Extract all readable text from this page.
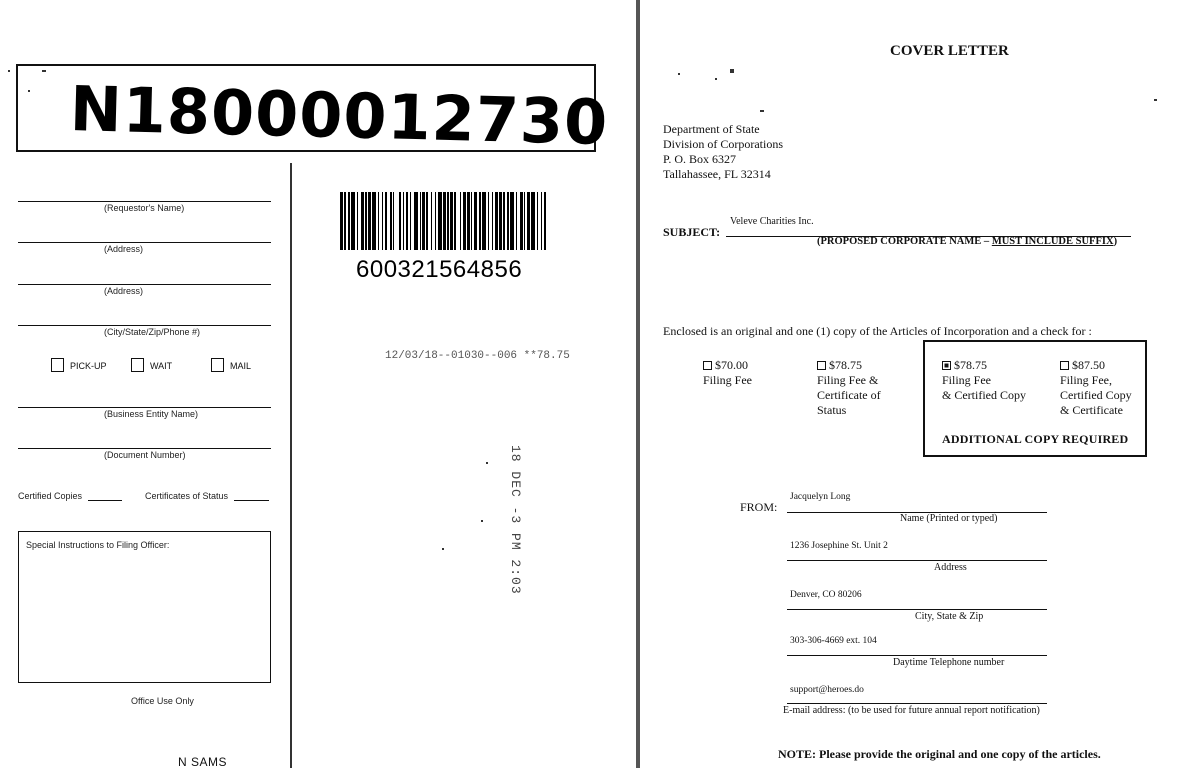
N18000012730
(Requestor's Name)
(Address)
(Address)
(City/State/Zip/Phone #)
PICK-UP	WAIT	MAIL
(Business Entity Name)
(Document Number)
Certified Copies	Certificates of Status
Special Instructions to Filing Officer:
Office Use Only
N SAMS
600321564856
12/03/18--01030--006 **78.75
18 DEC -3 PM 2:03
COVER LETTER
Department of State
Division of Corporations
P. O. Box 6327
Tallahassee, FL 32314
SUBJECT:
Veleve Charities Inc.
(PROPOSED CORPORATE NAME – MUST INCLUDE SUFFIX)
Enclosed is an original and one (1) copy of the Articles of Incorporation and a check for :
$70.00
Filing Fee
$78.75
Filing Fee &
Certificate of
Status
$78.75
Filing Fee
& Certified Copy
$87.50
Filing Fee,
Certified Copy
& Certificate
ADDITIONAL COPY REQUIRED
FROM:
Jacquelyn Long
Name (Printed or typed)
1236 Josephine St. Unit 2
Address
Denver, CO 80206
City, State & Zip
303-306-4669 ext. 104
Daytime Telephone number
support@heroes.do
E-mail address: (to be used for future annual report notification)
NOTE: Please provide the original and one copy of the articles.
